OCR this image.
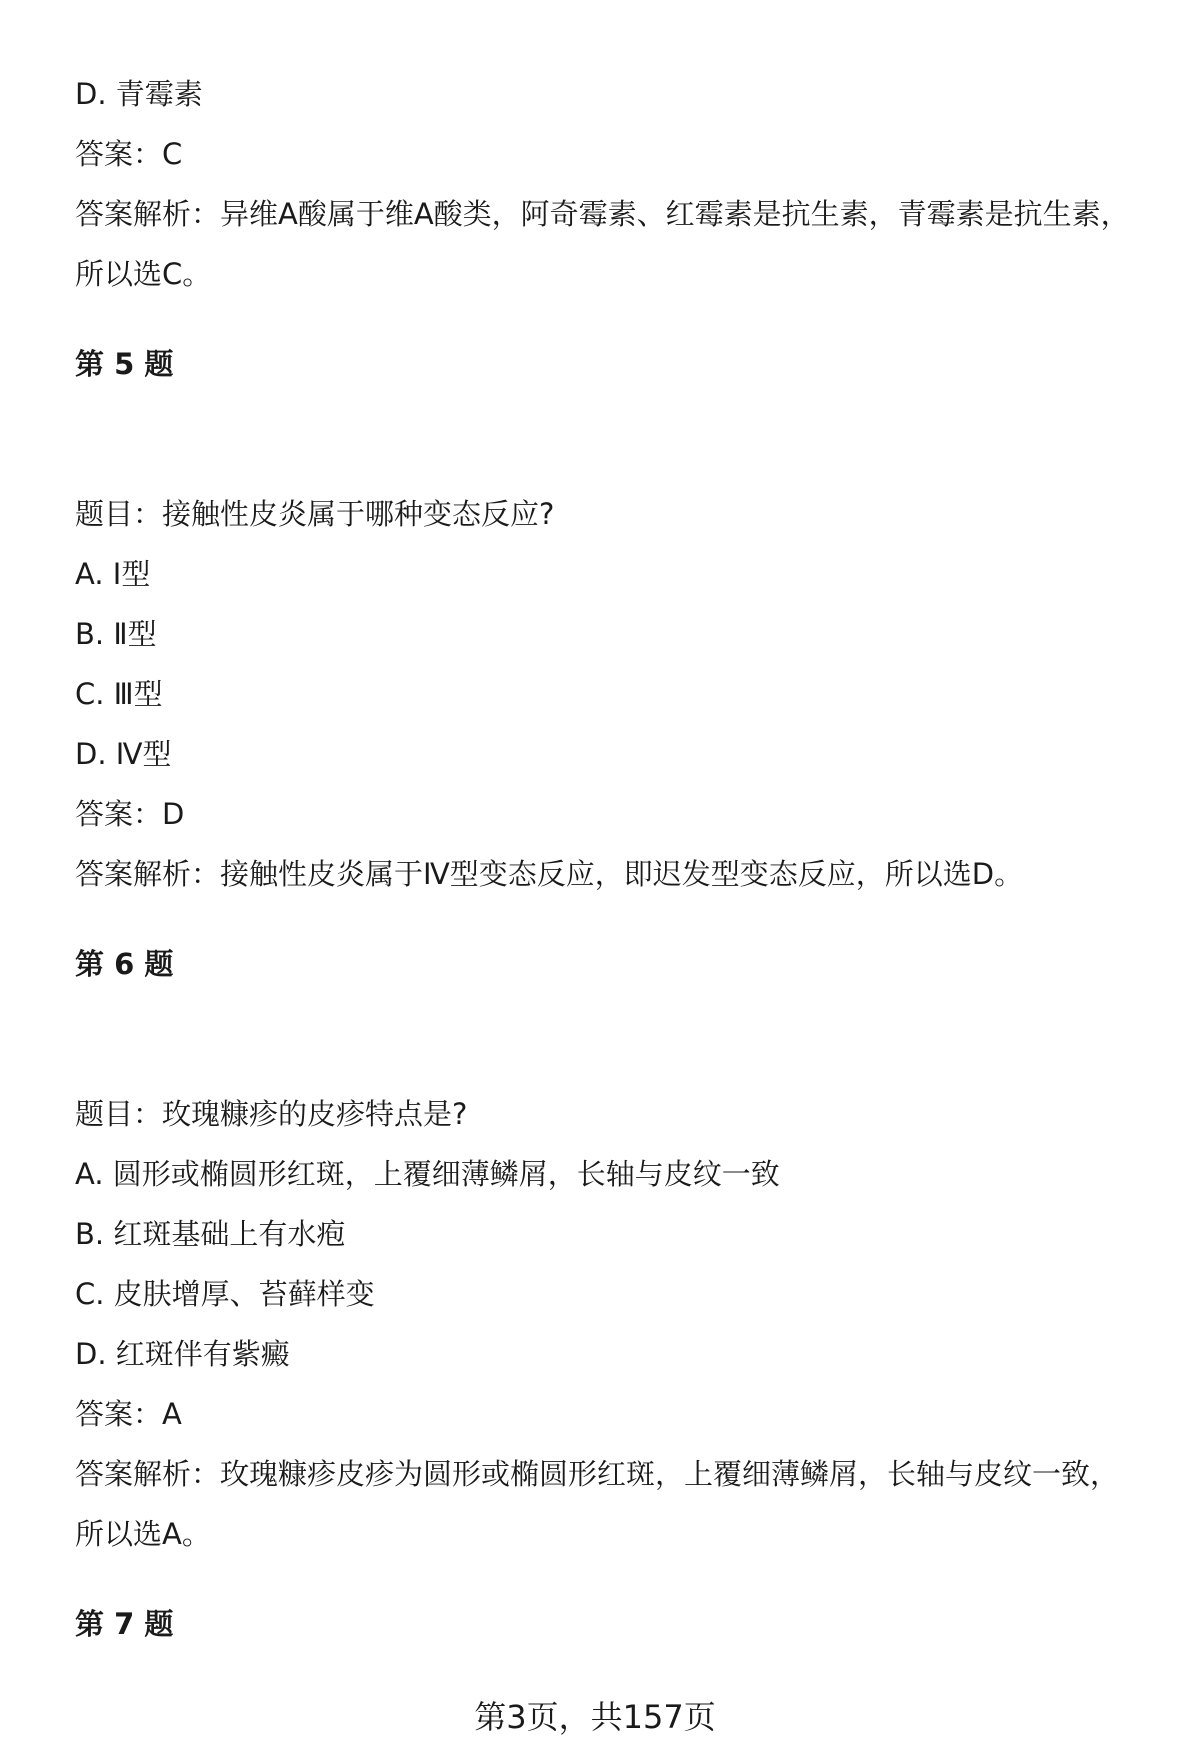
D. 青霉素
答案：C
答案解析：异维A酸属于维A酸类，阿奇霉素、红霉素是抗生素，青霉素是抗生素，
所以选C。
第 5 题
题目：接触性皮炎属于哪种变态反应?
A. Ⅰ型
B. Ⅱ型
C. Ⅲ型
D. Ⅳ型
答案：D
答案解析：接触性皮炎属于Ⅳ型变态反应，即迟发型变态反应，所以选D。
第 6 题
题目：玫瑰糠疹的皮疹特点是?
A. 圆形或椭圆形红斑，上覆细薄鳞屑，长轴与皮纹一致
B. 红斑基础上有水疱
C. 皮肤增厚、苔藓样变
D. 红斑伴有紫癜
答案：A
答案解析：玫瑰糠疹皮疹为圆形或椭圆形红斑，上覆细薄鳞屑，长轴与皮纹一致，
所以选A。
第 7 题
第3页，共157页
